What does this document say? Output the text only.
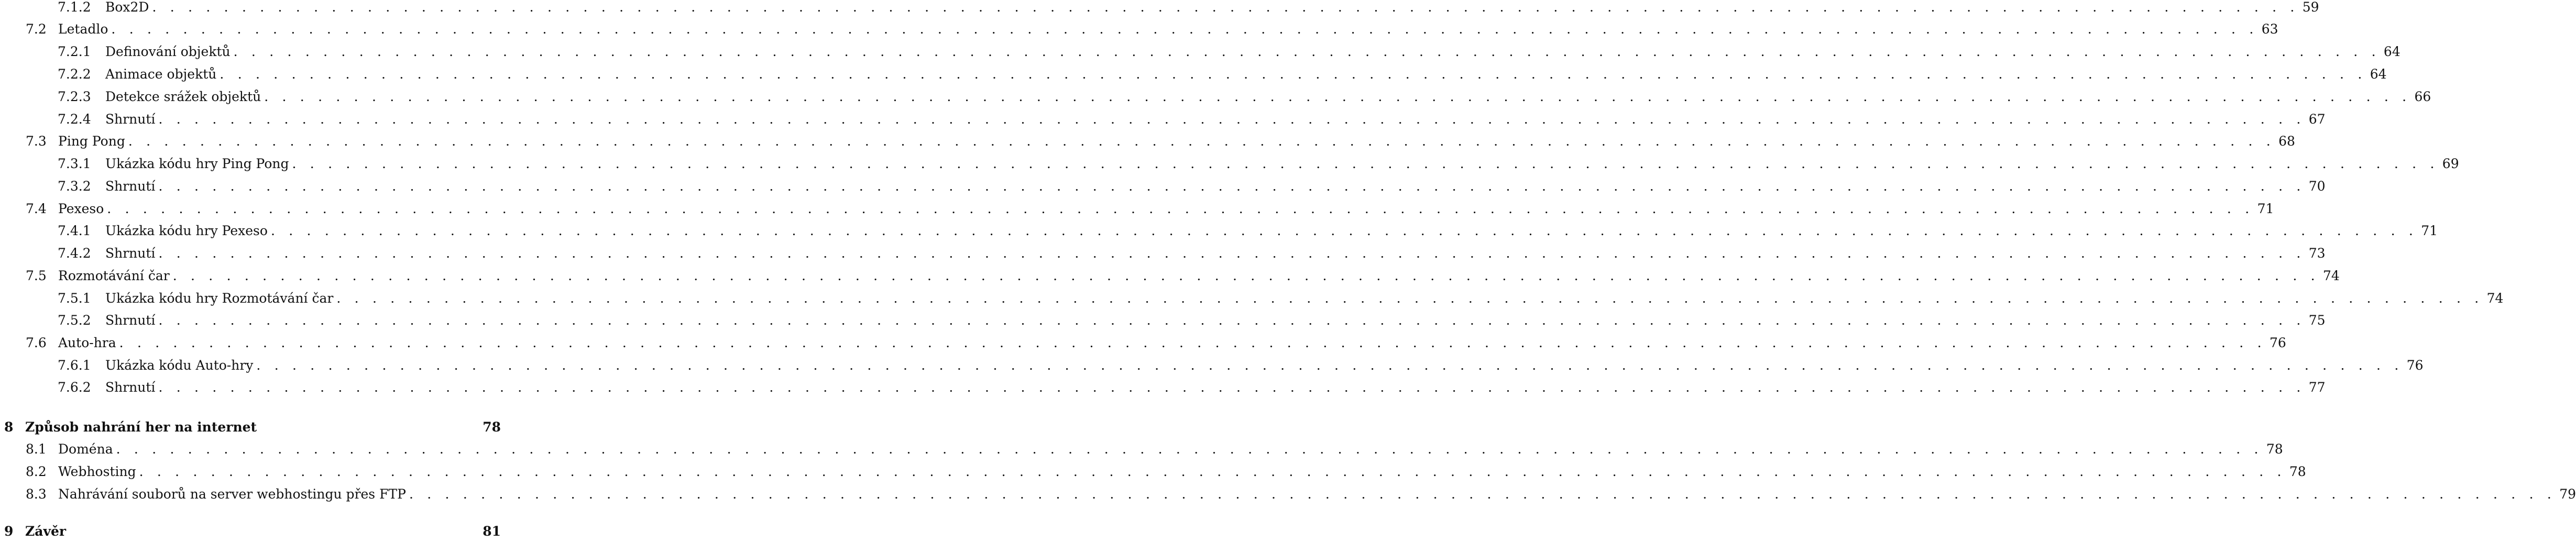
7.1.2	Box2D . . . . . . . . . . . . . . . . . . . . . . . . . . . . . . . . . . . . . . . . . . . . . . . . . . . . . . . . . . . . . . . . . . . . . . . . . . . . . . . . . . . . . . . . . . . . . . . . . . . . . . . . . . . . . . . . . . . . . . . . 59
7.2 Letadlo . . . . . . . . . . . . . . . . . . . . . . . . . . . . . . . . . . . . . . . . . . . . . . . . . . . . . . . . . . . . . . . . . . . . . . . . . . . . . . . . . . . . . . . . . . . . . . . . . . . . . . . . . . . . . . . . . . . . . . . . 63
7.2.1	Definování objektů . . . . . . . . . . . . . . . . . . . . . . . . . . . . . . . . . . . . . . . . . . . . . . . . . . . . . . . . . . . . . . . . . . . . . . . . . . . . . . . . . . . . . . . . . . . . . . . . . . . . . . . . . . . . . . . . . . . . . . . . 64
7.2.2	Animace objektů . . . . . . . . . . . . . . . . . . . . . . . . . . . . . . . . . . . . . . . . . . . . . . . . . . . . . . . . . . . . . . . . . . . . . . . . . . . . . . . . . . . . . . . . . . . . . . . . . . . . . . . . . . . . . . . . . . . . . . . . 64
7.2.3	Detekce srážek objektů . . . . . . . . . . . . . . . . . . . . . . . . . . . . . . . . . . . . . . . . . . . . . . . . . . . . . . . . . . . . . . . . . . . . . . . . . . . . . . . . . . . . . . . . . . . . . . . . . . . . . . . . . . . . . . . . . . . . . . . . 66
7.2.4	Shrnutí . . . . . . . . . . . . . . . . . . . . . . . . . . . . . . . . . . . . . . . . . . . . . . . . . . . . . . . . . . . . . . . . . . . . . . . . . . . . . . . . . . . . . . . . . . . . . . . . . . . . . . . . . . . . . . . . . . . . . . . . 67
7.3 Ping Pong . . . . . . . . . . . . . . . . . . . . . . . . . . . . . . . . . . . . . . . . . . . . . . . . . . . . . . . . . . . . . . . . . . . . . . . . . . . . . . . . . . . . . . . . . . . . . . . . . . . . . . . . . . . . . . . . . . . . . . . . 68
7.3.1	Ukázka kódu hry Ping Pong . . . . . . . . . . . . . . . . . . . . . . . . . . . . . . . . . . . . . . . . . . . . . . . . . . . . . . . . . . . . . . . . . . . . . . . . . . . . . . . . . . . . . . . . . . . . . . . . . . . . . . . . . . . . . . . . . . . . . . . . 69
7.3.2	Shrnutí . . . . . . . . . . . . . . . . . . . . . . . . . . . . . . . . . . . . . . . . . . . . . . . . . . . . . . . . . . . . . . . . . . . . . . . . . . . . . . . . . . . . . . . . . . . . . . . . . . . . . . . . . . . . . . . . . . . . . . . . 70
7.4 Pexeso . . . . . . . . . . . . . . . . . . . . . . . . . . . . . . . . . . . . . . . . . . . . . . . . . . . . . . . . . . . . . . . . . . . . . . . . . . . . . . . . . . . . . . . . . . . . . . . . . . . . . . . . . . . . . . . . . . . . . . . . 71
7.4.1	Ukázka kódu hry Pexeso . . . . . . . . . . . . . . . . . . . . . . . . . . . . . . . . . . . . . . . . . . . . . . . . . . . . . . . . . . . . . . . . . . . . . . . . . . . . . . . . . . . . . . . . . . . . . . . . . . . . . . . . . . . . . . . . . . . . . . . . 71
7.4.2	Shrnutí . . . . . . . . . . . . . . . . . . . . . . . . . . . . . . . . . . . . . . . . . . . . . . . . . . . . . . . . . . . . . . . . . . . . . . . . . . . . . . . . . . . . . . . . . . . . . . . . . . . . . . . . . . . . . . . . . . . . . . . . 73
7.5 Rozmotávání čar . . . . . . . . . . . . . . . . . . . . . . . . . . . . . . . . . . . . . . . . . . . . . . . . . . . . . . . . . . . . . . . . . . . . . . . . . . . . . . . . . . . . . . . . . . . . . . . . . . . . . . . . . . . . . . . . . . . . . . . . 74
7.5.1	Ukázka kódu hry Rozmotávání čar . . . . . . . . . . . . . . . . . . . . . . . . . . . . . . . . . . . . . . . . . . . . . . . . . . . . . . . . . . . . . . . . . . . . . . . . . . . . . . . . . . . . . . . . . . . . . . . . . . . . . . . . . . . . . . . . . . . . . . . . 74
7.5.2	Shrnutí . . . . . . . . . . . . . . . . . . . . . . . . . . . . . . . . . . . . . . . . . . . . . . . . . . . . . . . . . . . . . . . . . . . . . . . . . . . . . . . . . . . . . . . . . . . . . . . . . . . . . . . . . . . . . . . . . . . . . . . . 75
7.6 Auto-hra . . . . . . . . . . . . . . . . . . . . . . . . . . . . . . . . . . . . . . . . . . . . . . . . . . . . . . . . . . . . . . . . . . . . . . . . . . . . . . . . . . . . . . . . . . . . . . . . . . . . . . . . . . . . . . . . . . . . . . . . 76
7.6.1	Ukázka kódu Auto-hry . . . . . . . . . . . . . . . . . . . . . . . . . . . . . . . . . . . . . . . . . . . . . . . . . . . . . . . . . . . . . . . . . . . . . . . . . . . . . . . . . . . . . . . . . . . . . . . . . . . . . . . . . . . . . . . . . . . . . . . . 76
7.6.2	Shrnutí . . . . . . . . . . . . . . . . . . . . . . . . . . . . . . . . . . . . . . . . . . . . . . . . . . . . . . . . . . . . . . . . . . . . . . . . . . . . . . . . . . . . . . . . . . . . . . . . . . . . . . . . . . . . . . . . . . . . . . . . 77
8 Způsob nahrání her na internet	78
8.1 Doména . . . . . . . . . . . . . . . . . . . . . . . . . . . . . . . . . . . . . . . . . . . . . . . . . . . . . . . . . . . . . . . . . . . . . . . . . . . . . . . . . . . . . . . . . . . . . . . . . . . . . . . . . . . . . . . . . . . . . . . . 78
8.2 Webhosting . . . . . . . . . . . . . . . . . . . . . . . . . . . . . . . . . . . . . . . . . . . . . . . . . . . . . . . . . . . . . . . . . . . . . . . . . . . . . . . . . . . . . . . . . . . . . . . . . . . . . . . . . . . . . . . . . . . . . . . . 78
8.3 Nahrávání souborů na server webhostingu přes FTP . . . . . . . . . . . . . . . . . . . . . . . . . . . . . . . . . . . . . . . . . . . . . . . . . . . . . . . . . . . . . . . . . . . . . . . . . . . . . . . . . . . . . . . . . . . . . . . . . . . . . . . . . . . . . . . . . . . . . . . . 79
9 Závěr	81
